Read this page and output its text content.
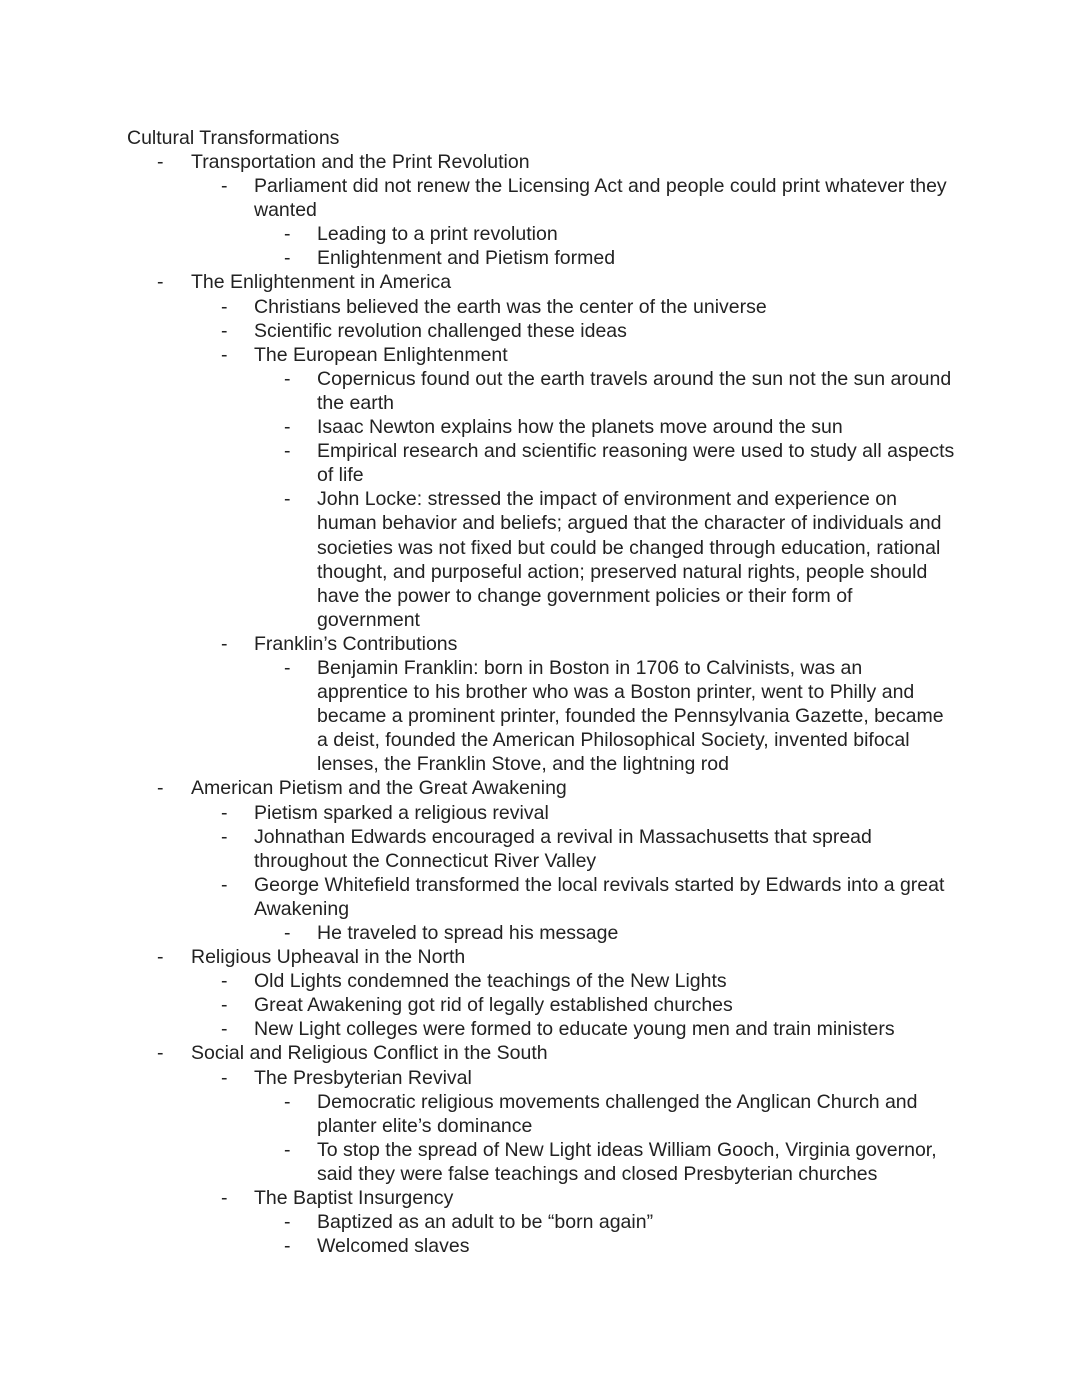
Cultural Transformations
- Transportation and the Print Revolution
- Parliament did not renew the Licensing Act and people could print whatever they wanted
- Leading to a print revolution
- Enlightenment and Pietism formed
- The Enlightenment in America
- Christians believed the earth was the center of the universe
- Scientific revolution challenged these ideas
- The European Enlightenment
- Copernicus found out the earth travels around the sun not the sun around the earth
- Isaac Newton explains how the planets move around the sun
- Empirical research and scientific reasoning were used to study all aspects of life
- John Locke: stressed the impact of environment and experience on human behavior and beliefs; argued that the character of individuals and societies was not fixed but could be changed through education, rational thought, and purposeful action; preserved natural rights, people should have the power to change government policies or their form of government
- Franklin’s Contributions
- Benjamin Franklin: born in Boston in 1706 to Calvinists, was an apprentice to his brother who was a Boston printer, went to Philly and became a prominent printer, founded the Pennsylvania Gazette, became a deist, founded the American Philosophical Society, invented bifocal lenses, the Franklin Stove, and the lightning rod
- American Pietism and the Great Awakening
- Pietism sparked a religious revival
- Johnathan Edwards encouraged a revival in Massachusetts that spread throughout the Connecticut River Valley
- George Whitefield transformed the local revivals started by Edwards into a great Awakening
- He traveled to spread his message
- Religious Upheaval in the North
- Old Lights condemned the teachings of the New Lights
- Great Awakening got rid of legally established churches
- New Light colleges were formed to educate young men and train ministers
- Social and Religious Conflict in the South
- The Presbyterian Revival
- Democratic religious movements challenged the Anglican Church and planter elite’s dominance
- To stop the spread of New Light ideas William Gooch, Virginia governor, said they were false teachings and closed Presbyterian churches
- The Baptist Insurgency
- Baptized as an adult to be “born again”
- Welcomed slaves
